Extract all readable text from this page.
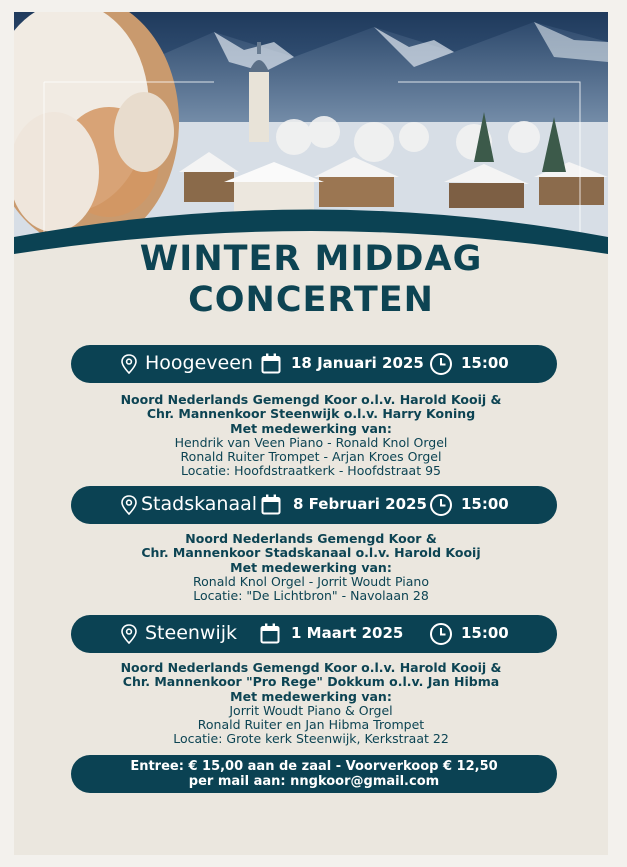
WINTER MIDDAG
CONCERTEN
Hoogeveen	18 Januari 2025 15:00
Noord Nederlands Gemengd Koor o.l.v. Harold Kooij &
Chr. Mannenkoor Steenwijk o.l.v. Harry Koning
Met medewerking van:
Hendrik van Veen Piano - Ronald Knol Orgel
Ronald Ruiter Trompet - Arjan Kroes Orgel
Locatie: Hoofdstraatkerk - Hoofdstraat 95
Stadskanaal 8 Februari 2025 15:00
Noord Nederlands Gemengd Koor &
Chr. Mannenkoor Stadskanaal o.l.v. Harold Kooij
Met medewerking van:
Ronald Knol Orgel - Jorrit Woudt Piano
Locatie: "De Lichtbron" - Navolaan 28
Steenwijk	1 Maart 2025	15:00
Noord Nederlands Gemengd Koor o.l.v. Harold Kooij &
Chr. Mannenkoor "Pro Rege" Dokkum o.l.v. Jan Hibma
Met medewerking van:
Jorrit Woudt Piano & Orgel
Ronald Ruiter en Jan Hibma Trompet
Locatie: Grote kerk Steenwijk, Kerkstraat 22
Entree: € 15,00 aan de zaal - Voorverkoop € 12,50
per mail aan: nngkoor@gmail.com
